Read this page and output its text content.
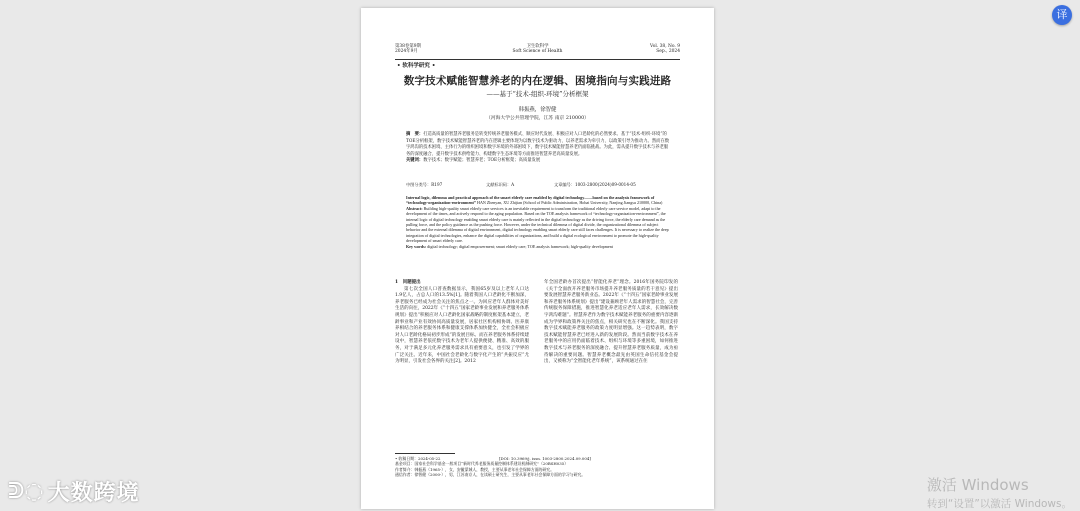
第38卷第9期
2024年9月
卫生软科学
Soft Science of Health
Vol. 38, No. 9
Sep., 2024
• 软科学研究 •
数字技术赋能智慧养老的内在逻辑、困境指向与实践进路
——基于“技术-组织-环境”分析框架
韩振燕，徐智健
（河海大学公共管理学院，江苏 南京 210000）
摘　要：打造高质量的智慧养老服务是转变传统养老服务模式、顺应时代发展、积极应对人口老龄化的必然要求。基于“技术-组织-环境”的TOE分析框架，数字技术赋能智慧养老的内在逻辑主要体现为以数字技术为驱动力、以养老需求为牵引力、以政策引导为推动力。然而在数字鸿沟的技术困境、主体行为的组织困境和数字环境的外部困境下，数字技术赋能智慧养老仍面临挑战。为此，需从提升数字技术与养老服务的深度融合、提升数字技术供给能力、构建数字生态环境等方面推进智慧养老高质量发展。
关键词：数字技术；数字赋能；智慧养老；TOE分析框架；高质量发展
中图分类号：R197	文献标识码：A	文章编号：1003-2800(2024)09-0014-05
Internal logic, dilemma and practical approach of the smart elderly care enabled by digital technology——based on the analysis framework of “technology-organization-environment” HAN Zhenyan, XU Zhijian (School of Public Administration, Hohai University, Nanjing Jiangsu 210000, China)
Abstract: Building high-quality smart elderly care services is an inevitable requirement to transform the traditional elderly care service model, adapt to the development of the times, and actively respond to the aging population. Based on the TOE analysis framework of “technology-organization-environment”, the internal logic of digital technology enabling smart elderly care is mainly reflected in the digital technology as the driving force, the elderly care demand as the pulling force, and the policy guidance as the pushing force. However, under the technical dilemma of digital divide, the organizational dilemma of subject behavior and the external dilemma of digital environment, digital technology enabling smart elderly care still faces challenges. It is necessary to realize the deep integration of digital technologies, enhance the digital capabilities of organizations, and build a digital ecological environment to promote the high-quality development of smart elderly care.
Key words: digital technology; digital empowerment; smart elderly care; TOE analysis framework; high-quality development
1　问题提出
第七次全国人口普查数据显示，我国65岁及以上老年人口达1.9亿人，占总人口的13.5%[1]。随着我国人口老龄化不断加深，养老服务已经成为社会关注的焦点之一。为回应老年人群体对美好生活的向往，2022年《“十四五”国家老龄事业发展和养老服务体系规划》提出“积极应对人口老龄化国家战略的制度框架基本建立，老龄事业和产业有效协同高质量发展，居家社区机构相协调、医养康养相结合的养老服务体系和健康支撑体系加快健全，全社会积极应对人口老龄化格局初步形成”的发展目标。而在养老服务体系持续建设中，智慧养老依托数字技术为老年人提供便捷、精准、高效的服务，对于满足多元化养老服务需求具有重要意义，也引发了学界的广泛关注。近年来，中国社会老龄化与数字化产生的“共振反应”尤为明显，引发社会各界的关注[2]。2012
年全国老龄办首次提出“智能化养老”理念。2016年国务院印发的《关于全面放开养老服务市场提升养老服务质量的若干意见》提出要发展智慧养老服务新业态。2022年《“十四五”国家老龄事业发展和养老服务体系规划》提出“建设兼顾老年人需求的智慧社会，完善传统服务保障措施，推进智慧化养老适应老年人需求，长效解决数字鸿沟难题”。智慧养老作为数字技术赋能养老服务的重要内容逐渐成为学界和政策界关注的焦点，相关研究也在不断深化。我国支持数字技术赋能养老服务的政策力度明显增强。这一趋势表明，数字技术赋能智慧养老已经进入新的发展阶段。然而当前数字技术在养老服务中的应用仍面临着技术、组织与环境等多重困境，如何推进数字技术与养老服务的深度融合、提升智慧养老服务质量，成为亟待解决的重要问题。智慧养老概念最先由英国生命信托基金会提出，又被称为“全智能化老年系统”，该系统通过在住
• 收稿日期：2024-05-22	[DOI: 10.3969/j. issn. 1003-2800.2024.09.004]
基金项目：国家社会科学基金一般项目“新时代养老服务质量控制体系建设机制研究”（20BSH035）
作者简介：韩振燕（1965-），女，安徽蒙城人，教授，主要从事老年社会保障方面的研究。
通信作者：徐智健（2000-），男，江苏南京人，在读硕士研究生，主要从事老年社会保障方面的学习与研究。
ᕲ◌ 大数跨境	激活 Windows
转到“设置”以激活 Windows。
译
